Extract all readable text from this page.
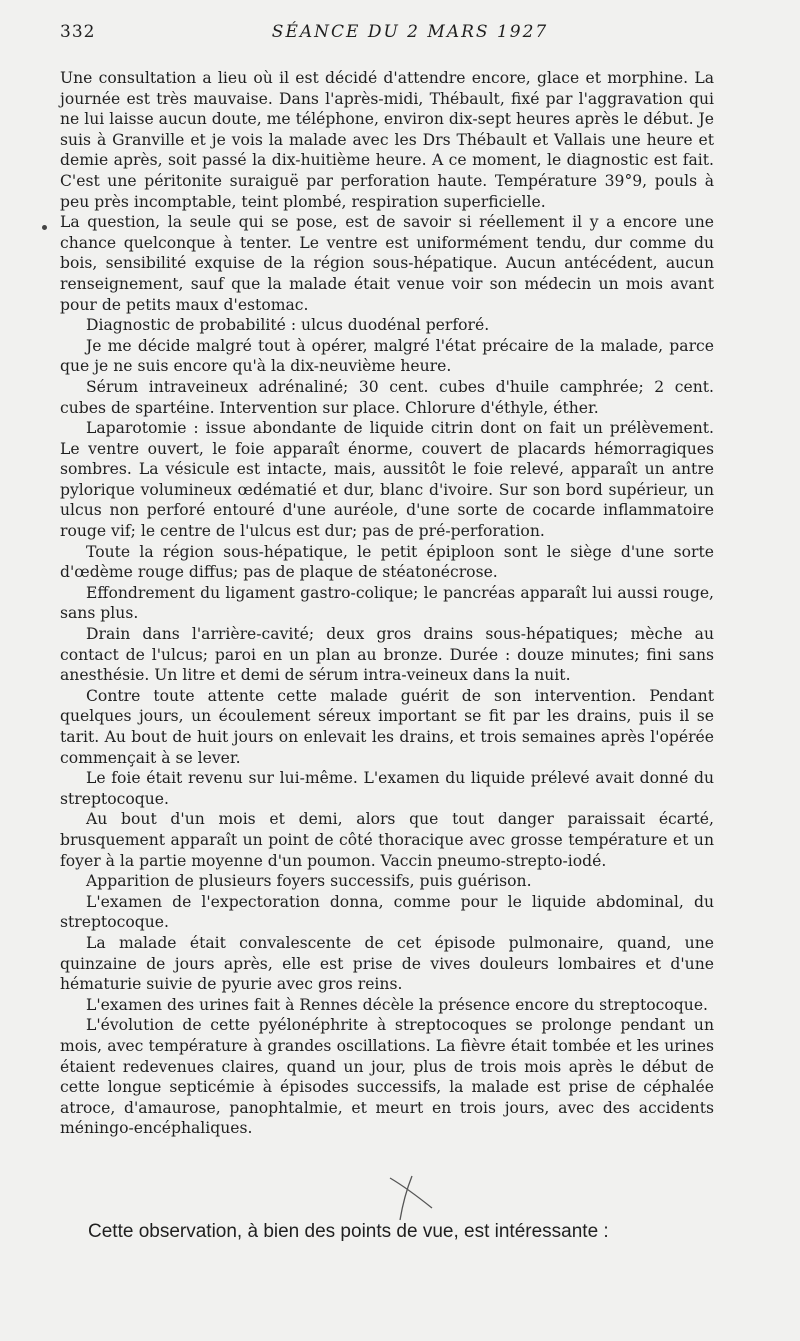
332	SÉANCE DU 2 MARS 1927

Une consultation a lieu où il est décidé d'attendre encore, glace et morphine. La journée est très mauvaise. Dans l'après-midi, Thébault, fixé par l'aggravation qui ne lui laisse aucun doute, me téléphone, environ dix-sept heures après le début. Je suis à Granville et je vois la malade avec les Drs Thébault et Vallais une heure et demie après, soit passé la dix-huitième heure. A ce moment, le diagnostic est fait. C'est une péritonite suraiguë par perforation haute. Température 39°9, pouls à peu près incomptable, teint plombé, respiration superficielle.

La question, la seule qui se pose, est de savoir si réellement il y a encore une chance quelconque à tenter. Le ventre est uniformément tendu, dur comme du bois, sensibilité exquise de la région sous-hépatique. Aucun antécédent, aucun renseignement, sauf que la malade était venue voir son médecin un mois avant pour de petits maux d'estomac.

Diagnostic de probabilité : ulcus duodénal perforé.

Je me décide malgré tout à opérer, malgré l'état précaire de la malade, parce que je ne suis encore qu'à la dix-neuvième heure.

Sérum intraveineux adrénaliné; 30 cent. cubes d'huile camphrée; 2 cent. cubes de spartéine. Intervention sur place. Chlorure d'éthyle, éther.

Laparotomie : issue abondante de liquide citrin dont on fait un prélèvement. Le ventre ouvert, le foie apparaît énorme, couvert de placards hémorragiques sombres. La vésicule est intacte, mais, aussitôt le foie relevé, apparaît un antre pylorique volumineux œdématié et dur, blanc d'ivoire. Sur son bord supérieur, un ulcus non perforé entouré d'une auréole, d'une sorte de cocarde inflammatoire rouge vif; le centre de l'ulcus est dur; pas de pré-perforation.

Toute la région sous-hépatique, le petit épiploon sont le siège d'une sorte d'œdème rouge diffus; pas de plaque de stéatonécrose.

Effondrement du ligament gastro-colique; le pancréas apparaît lui aussi rouge, sans plus.

Drain dans l'arrière-cavité; deux gros drains sous-hépatiques; mèche au contact de l'ulcus; paroi en un plan au bronze. Durée : douze minutes; fini sans anesthésie. Un litre et demi de sérum intra-veineux dans la nuit.

Contre toute attente cette malade guérit de son intervention. Pendant quelques jours, un écoulement séreux important se fit par les drains, puis il se tarit. Au bout de huit jours on enlevait les drains, et trois semaines après l'opérée commençait à se lever.

Le foie était revenu sur lui-même. L'examen du liquide prélevé avait donné du streptocoque.

Au bout d'un mois et demi, alors que tout danger paraissait écarté, brusquement apparaît un point de côté thoracique avec grosse température et un foyer à la partie moyenne d'un poumon. Vaccin pneumo-strepto-iodé.

Apparition de plusieurs foyers successifs, puis guérison.

L'examen de l'expectoration donna, comme pour le liquide abdominal, du streptocoque.

La malade était convalescente de cet épisode pulmonaire, quand, une quinzaine de jours après, elle est prise de vives douleurs lombaires et d'une hématurie suivie de pyurie avec gros reins.

L'examen des urines fait à Rennes décèle la présence encore du streptocoque.

L'évolution de cette pyélonéphrite à streptocoques se prolonge pendant un mois, avec température à grandes oscillations. La fièvre était tombée et les urines étaient redevenues claires, quand un jour, plus de trois mois après le début de cette longue septicémie à épisodes successifs, la malade est prise de céphalée atroce, d'amaurose, panophtalmie, et meurt en trois jours, avec des accidents méningo-encéphaliques.

Cette observation, à bien des points de vue, est intéressante :
